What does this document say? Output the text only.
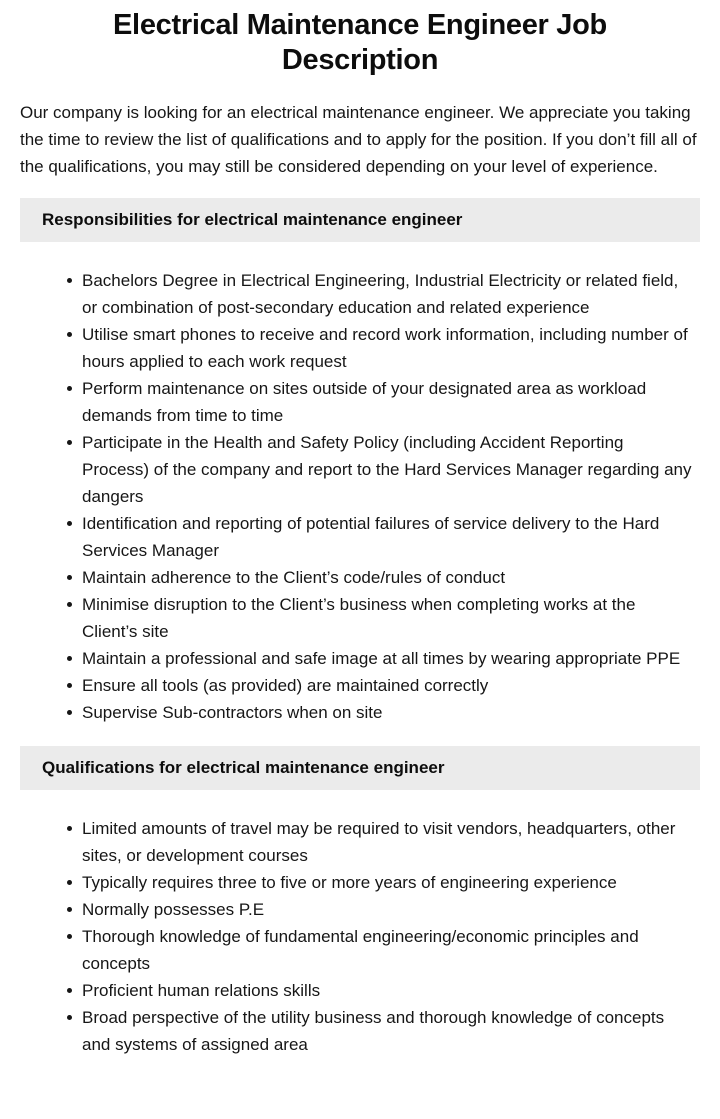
Electrical Maintenance Engineer Job Description

Our company is looking for an electrical maintenance engineer. We appreciate you taking the time to review the list of qualifications and to apply for the position. If you don’t fill all of the qualifications, you may still be considered depending on your level of experience.

Responsibilities for electrical maintenance engineer
Bachelors Degree in Electrical Engineering, Industrial Electricity or related field, or combination of post-secondary education and related experience
Utilise smart phones to receive and record work information, including number of hours applied to each work request
Perform maintenance on sites outside of your designated area as workload demands from time to time
Participate in the Health and Safety Policy (including Accident Reporting Process) of the company and report to the Hard Services Manager regarding any dangers
Identification and reporting of potential failures of service delivery to the Hard Services Manager
Maintain adherence to the Client’s code/rules of conduct
Minimise disruption to the Client’s business when completing works at the Client’s site
Maintain a professional and safe image at all times by wearing appropriate PPE
Ensure all tools (as provided) are maintained correctly
Supervise Sub-contractors when on site
Qualifications for electrical maintenance engineer
Limited amounts of travel may be required to visit vendors, headquarters, other sites, or development courses
Typically requires three to five or more years of engineering experience
Normally possesses P.E
Thorough knowledge of fundamental engineering/economic principles and concepts
Proficient human relations skills
Broad perspective of the utility business and thorough knowledge of concepts and systems of assigned area
